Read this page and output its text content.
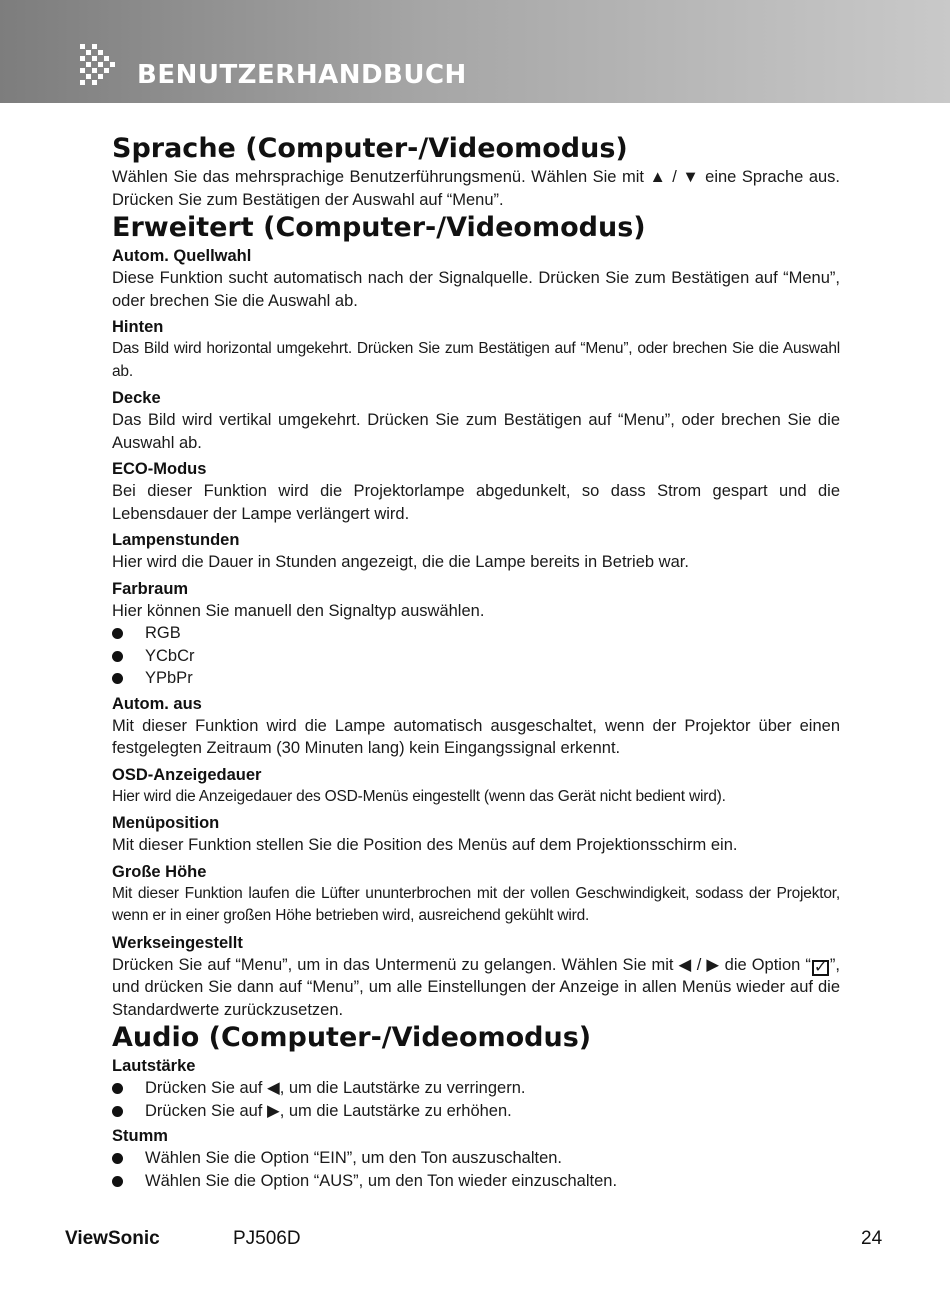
BENUTZERHANDBUCH
Sprache (Computer-/Videomodus)

Wählen Sie das mehrsprachige Benutzerführungsmenü. Wählen Sie mit ▲ / ▼ eine Sprache aus. Drücken Sie zum Bestätigen der Auswahl auf “Menu”.

Erweitert (Computer-/Videomodus)
Autom. Quellwahl

Diese Funktion sucht automatisch nach der Signalquelle. Drücken Sie zum Bestätigen auf “Menu”, oder brechen Sie die Auswahl ab.

Hinten

Das Bild wird horizontal umgekehrt. Drücken Sie zum Bestätigen auf “Menu”, oder brechen Sie die Auswahl ab.

Decke

Das Bild wird vertikal umgekehrt. Drücken Sie zum Bestätigen auf “Menu”, oder brechen Sie die Auswahl ab.

ECO-Modus

Bei dieser Funktion wird die Projektorlampe abgedunkelt, so dass Strom gespart und die Lebensdauer der Lampe verlängert wird.

Lampenstunden

Hier wird die Dauer in Stunden angezeigt, die die Lampe bereits in Betrieb war.

Farbraum

Hier können Sie manuell den Signaltyp auswählen.

RGB
YCbCr
YPbPr
Autom. aus

Mit dieser Funktion wird die Lampe automatisch ausgeschaltet, wenn der Projektor über einen festgelegten Zeitraum (30 Minuten lang) kein Eingangssignal erkennt.

OSD-Anzeigedauer

Hier wird die Anzeigedauer des OSD-Menüs eingestellt (wenn das Gerät nicht bedient wird).

Menüposition

Mit dieser Funktion stellen Sie die Position des Menüs auf dem Projektionsschirm ein.

Große Höhe

Mit dieser Funktion laufen die Lüfter ununterbrochen mit der vollen Geschwindigkeit, sodass der Projektor, wenn er in einer großen Höhe betrieben wird, ausreichend gekühlt wird.

Werkseingestellt

Drücken Sie auf “Menu”, um in das Untermenü zu gelangen. Wählen Sie mit ◀ / ▶ die Option “ ✓ ”, und drücken Sie dann auf “Menu”, um alle Einstellungen der Anzeige in allen Menüs wieder auf die Standardwerte zurückzusetzen.

Audio (Computer-/Videomodus)
Lautstärke
Drücken Sie auf ◀, um die Lautstärke zu verringern.
Drücken Sie auf ▶, um die Lautstärke zu erhöhen.
Stumm
Wählen Sie die Option “EIN”, um den Ton auszuschalten.
Wählen Sie die Option “AUS”, um den Ton wieder einzuschalten.
ViewSonic	PJ506D	24
